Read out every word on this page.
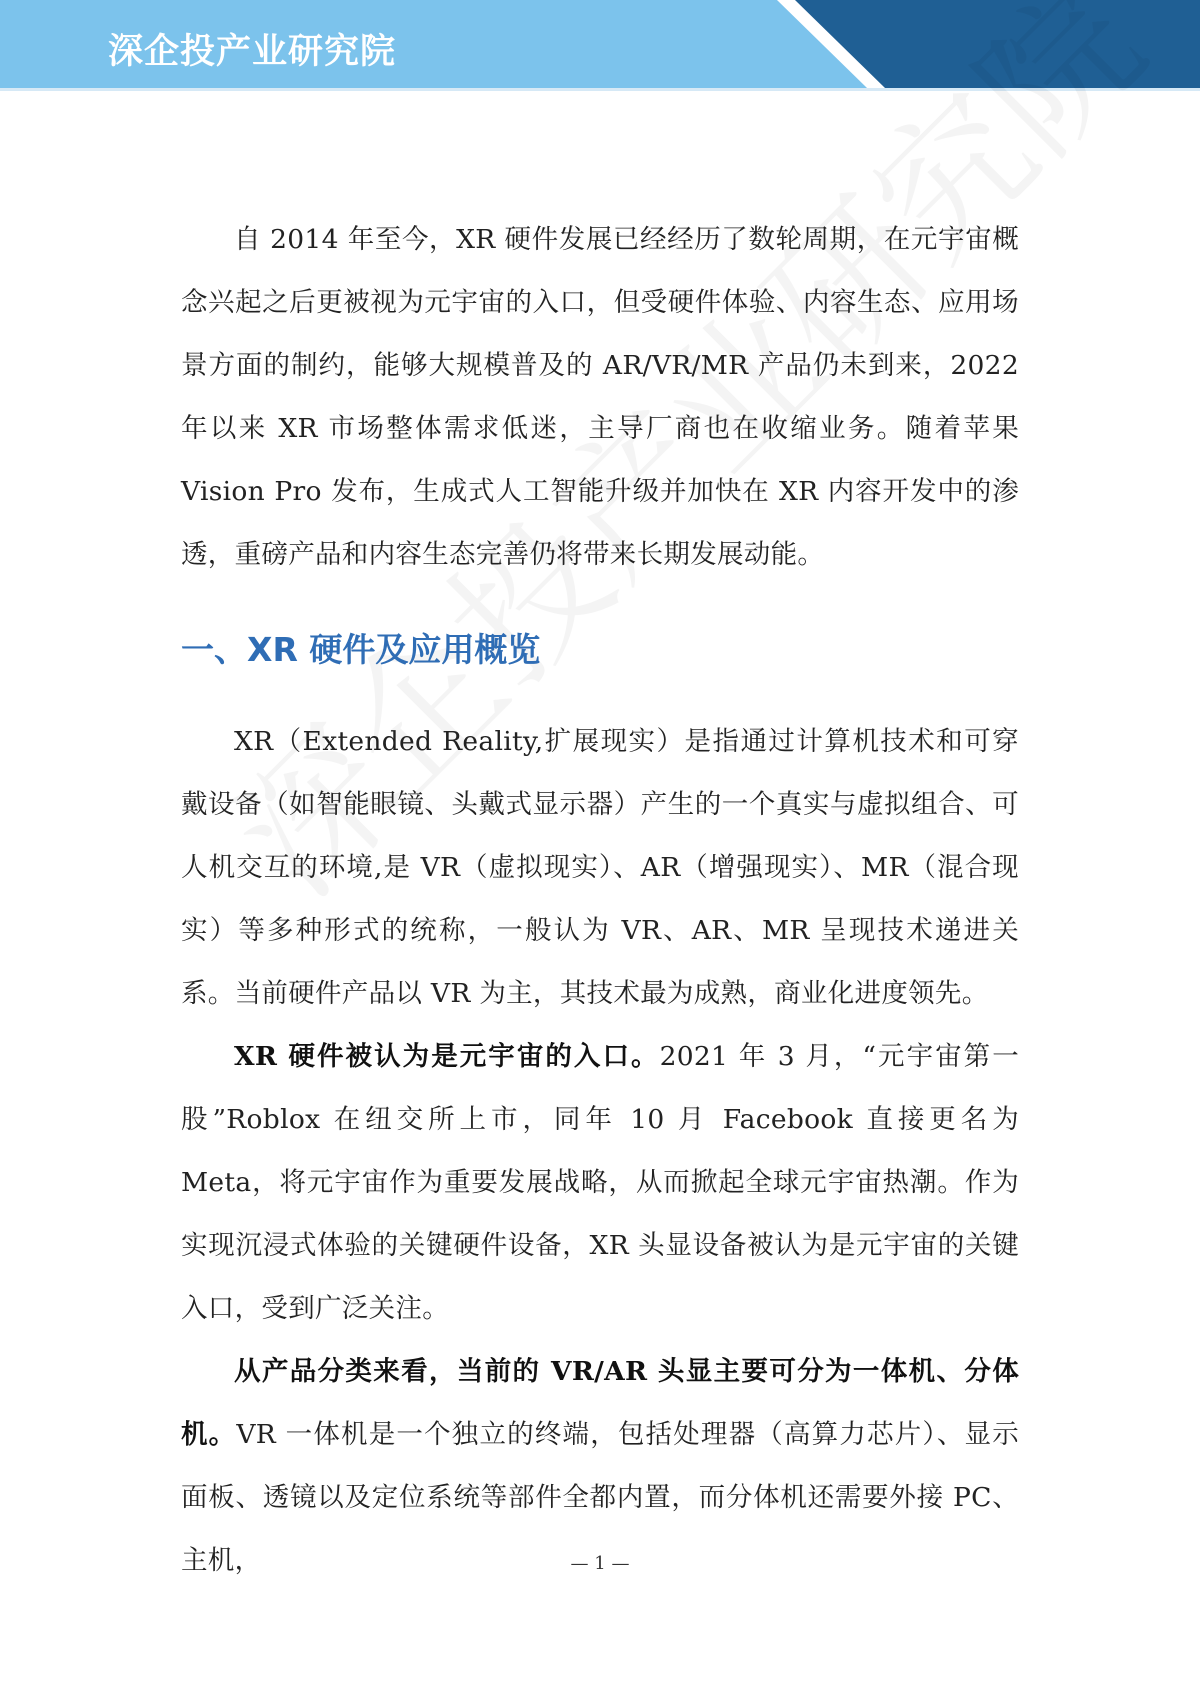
深企投产业研究院

自 2014 年至今，XR 硬件发展已经经历了数轮周期，在元宇宙概念兴起之后更被视为元宇宙的入口，但受硬件体验、内容生态、应用场景方面的制约，能够大规模普及的 AR/VR/MR 产品仍未到来，2022 年以来 XR 市场整体需求低迷，主导厂商也在收缩业务。随着苹果 Vision Pro 发布，生成式人工智能升级并加快在 XR 内容开发中的渗透，重磅产品和内容生态完善仍将带来长期发展动能。

一、XR 硬件及应用概览

XR（Extended Reality,扩展现实）是指通过计算机技术和可穿戴设备（如智能眼镜、头戴式显示器）产生的一个真实与虚拟组合、可人机交互的环境,是 VR（虚拟现实）、AR（增强现实）、MR（混合现实）等多种形式的统称，一般认为 VR、AR、MR 呈现技术递进关系。当前硬件产品以 VR 为主，其技术最为成熟，商业化进度领先。

XR 硬件被认为是元宇宙的入口。2021 年 3 月，“元宇宙第一股”Roblox 在纽交所上市，同年 10 月 Facebook 直接更名为 Meta，将元宇宙作为重要发展战略，从而掀起全球元宇宙热潮。作为实现沉浸式体验的关键硬件设备，XR 头显设备被认为是元宇宙的关键入口，受到广泛关注。

从产品分类来看，当前的 VR/AR 头显主要可分为一体机、分体机。VR 一体机是一个独立的终端，包括处理器（高算力芯片）、显示面板、透镜以及定位系统等部件全都内置，而分体机还需要外接 PC、主机，	— 1 —
